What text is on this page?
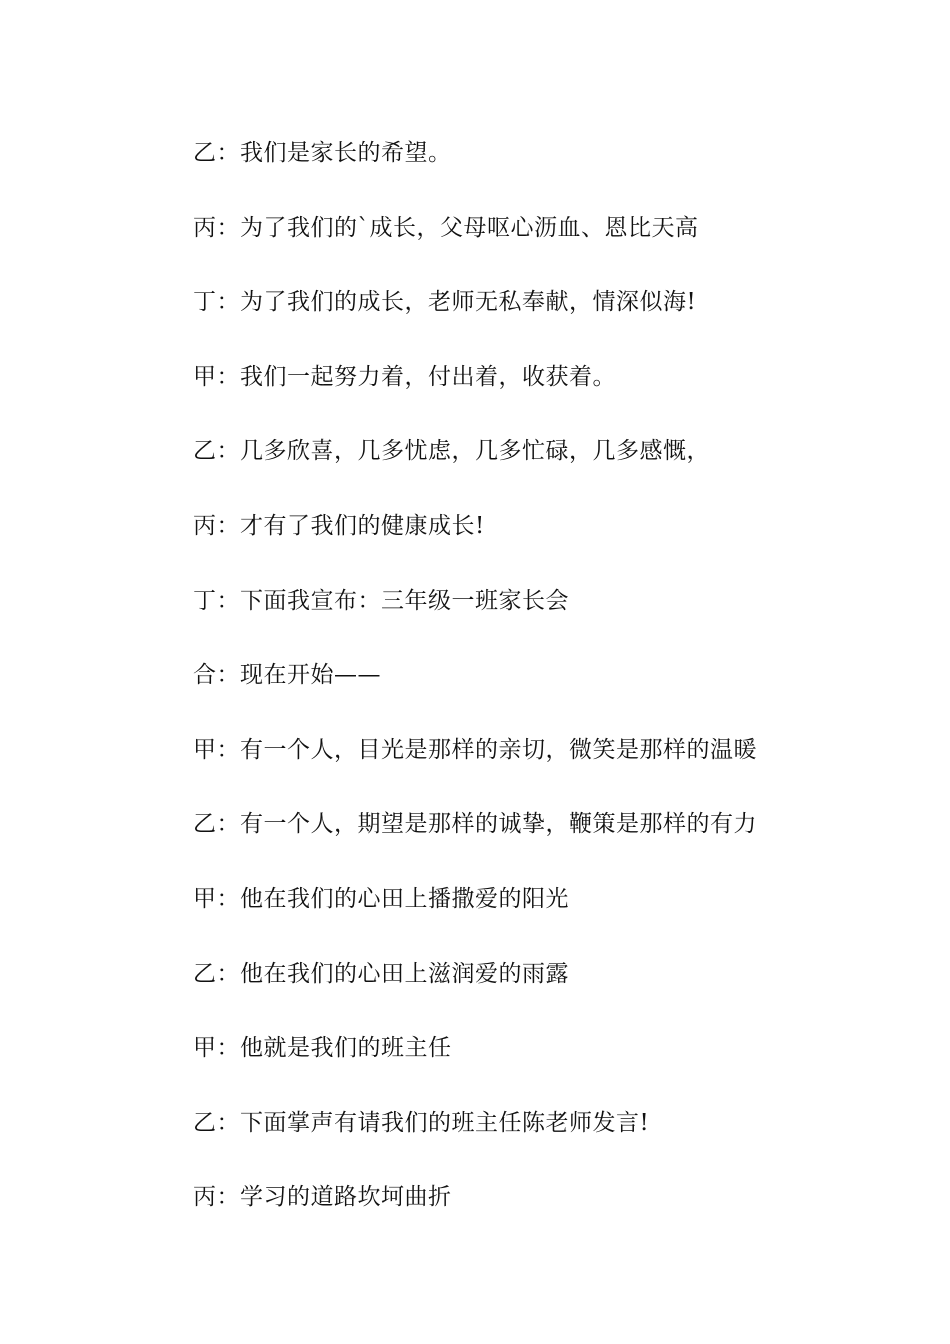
乙：我们是家长的希望。
丙：为了我们的`成长，父母呕心沥血、恩比天高
丁：为了我们的成长，老师无私奉献，情深似海!
甲：我们一起努力着，付出着，收获着。
乙：几多欣喜，几多忧虑，几多忙碌，几多感慨，
丙：才有了我们的健康成长!
丁：下面我宣布：三年级一班家长会
合：现在开始——
甲：有一个人，目光是那样的亲切，微笑是那样的温暖
乙：有一个人，期望是那样的诚挚，鞭策是那样的有力
甲：他在我们的心田上播撒爱的阳光
乙：他在我们的心田上滋润爱的雨露
甲：他就是我们的班主任
乙：下面掌声有请我们的班主任陈老师发言!
丙：学习的道路坎坷曲折
